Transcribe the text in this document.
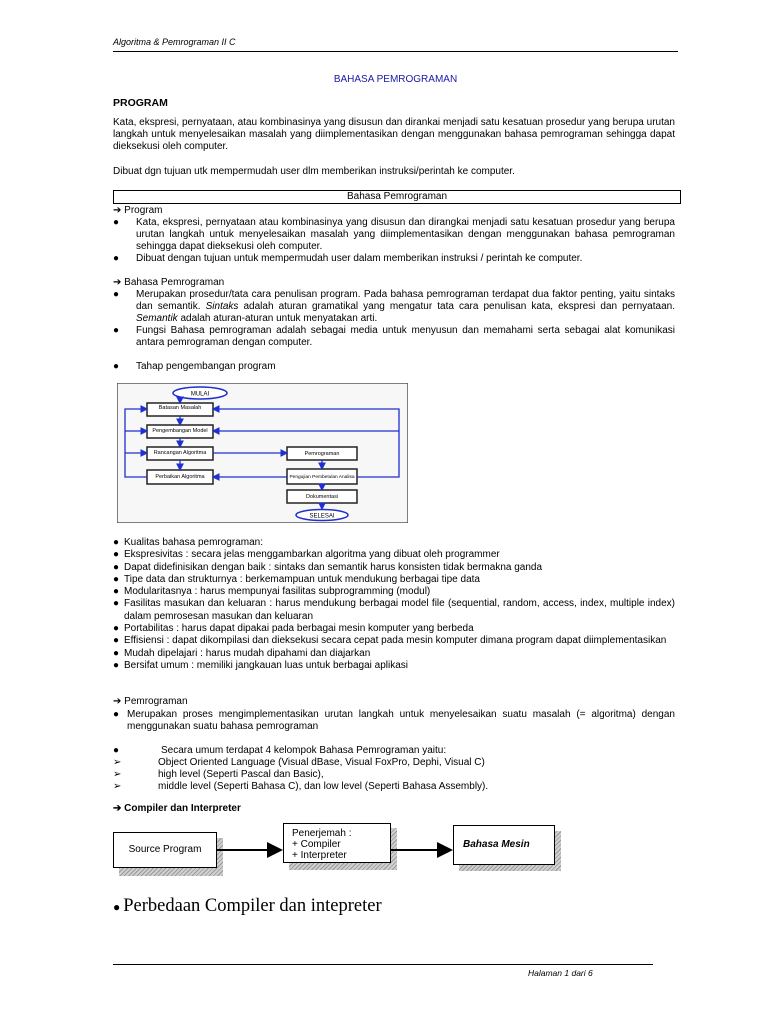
Algoritma & Pemrograman II C
BAHASA PEMROGRAMAN
PROGRAM
Kata, ekspresi, pernyataan, atau kombinasinya yang disusun dan dirankai menjadi satu kesatuan prosedur yang berupa urutan langkah untuk menyelesaikan masalah yang diimplementasikan dengan menggunakan bahasa pemrograman sehingga dapat dieksekusi oleh computer.
Dibuat dgn tujuan utk mempermudah user dlm memberikan instruksi/perintah ke computer.
Bahasa Pemrograman
➔ Program
●	Kata, ekspresi, pernyataan atau kombinasinya yang disusun dan dirangkai menjadi satu kesatuan prosedur yang berupa urutan langkah untuk menyelesaikan masalah yang diimplementasikan dengan menggunakan bahasa pemrograman sehingga dapat dieksekusi oleh computer.
●	Dibuat dengan tujuan untuk mempermudah user dalam memberikan instruksi / perintah ke computer.
➔ Bahasa Pemrograman
●	Merupakan prosedur/tata cara penulisan program. Pada bahasa pemrograman terdapat dua faktor penting, yaitu sintaks dan semantik. Sintaks adalah aturan gramatikal yang mengatur tata cara penulisan kata, ekspresi dan pernyataan. Semantik adalah aturan-aturan untuk menyatakan arti.
●	Fungsi Bahasa pemrograman adalah sebagai media untuk menyusun dan memahami serta sebagai alat komunikasi antara pemrograman dengan computer.
●	Tahap pengembangan program
MULAI
Batasan Masalah
Pengembangan Model
Rancangan Algoritma
Perbaikan Algoritma
Pemrograman
Pengujian Pembetulan Analisa
Dokumentasi
SELESAI
● Kualitas bahasa pemrograman:
● Ekspresivitas : secara jelas menggambarkan algoritma yang dibuat oleh programmer
● Dapat didefinisikan dengan baik : sintaks dan semantik harus konsisten tidak bermakna ganda
● Tipe data dan strukturnya : berkemampuan untuk mendukung berbagai tipe data
● Modularitasnya : harus mempunyai fasilitas subprogramming (modul)
● Fasilitas masukan dan keluaran : harus mendukung berbagai model file (sequential, random, access, index, multiple index) dalam pemrosesan masukan dan keluaran
● Portabilitas : harus dapat dipakai pada berbagai mesin komputer yang berbeda
● Effisiensi : dapat dikompilasi dan dieksekusi secara cepat pada mesin komputer dimana program dapat diimplementasikan
● Mudah dipelajari : harus mudah dipahami dan diajarkan
● Bersifat umum : memiliki jangkauan luas untuk berbagai aplikasi
➔ Pemrograman
● Merupakan proses mengimplementasikan urutan langkah untuk menyelesaikan suatu masalah (= algoritma) dengan menggunakan suatu bahasa pemrograman
●	Secara umum terdapat 4 kelompok Bahasa Pemrograman yaitu:
➢	Object Oriented Language (Visual dBase, Visual FoxPro, Dephi, Visual C)
➢	high level (Seperti Pascal dan Basic),
➢	middle level (Seperti Bahasa C), dan low level (Seperti Bahasa Assembly).
➔ Compiler dan Interpreter
Source Program
Penerjemah :
+ Compiler
+ Interpreter
Bahasa Mesin
● Perbedaan Compiler dan intepreter
Halaman 1 dari 6
